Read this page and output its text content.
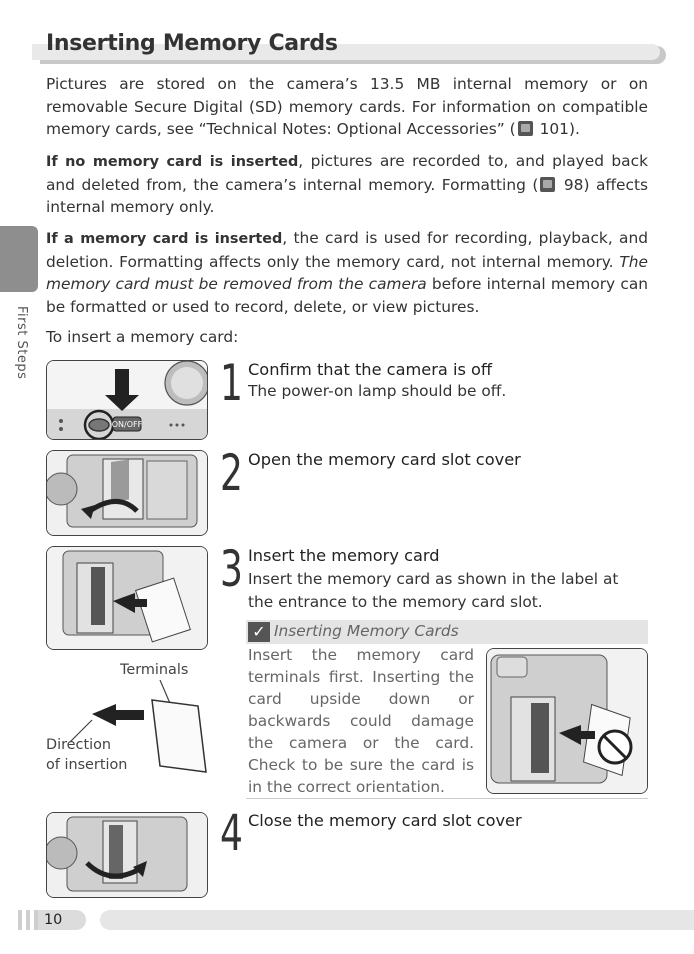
Inserting Memory Cards
First Steps
Pictures are stored on the camera’s 13.5 MB internal memory or on removable Secure Digital (SD) memory cards. For information on compatible memory cards, see “Technical Notes: Optional Accessories” ( 101).
If no memory card is inserted, pictures are recorded to, and played back and deleted from, the camera’s internal memory. Formatting ( 98) affects internal memory only.
If a memory card is inserted, the card is used for recording, playback, and deletion. Formatting affects only the memory card, not internal memory. The memory card must be removed from the camera before internal memory can be formatted or used to record, delete, or view pictures.
To insert a memory card:
ON/OFF
Terminals
Direction
of insertion
1
2
3
4
Confirm that the camera is off
The power-on lamp should be off.
Open the memory card slot cover
Insert the memory card
Insert the memory card as shown in the label at the entrance to the memory card slot.
Close the memory card slot cover
✓ Inserting Memory Cards
Insert the memory card terminals first. Inserting the card upside down or backwards could damage the camera or the card. Check to be sure the card is in the correct orientation.
10
